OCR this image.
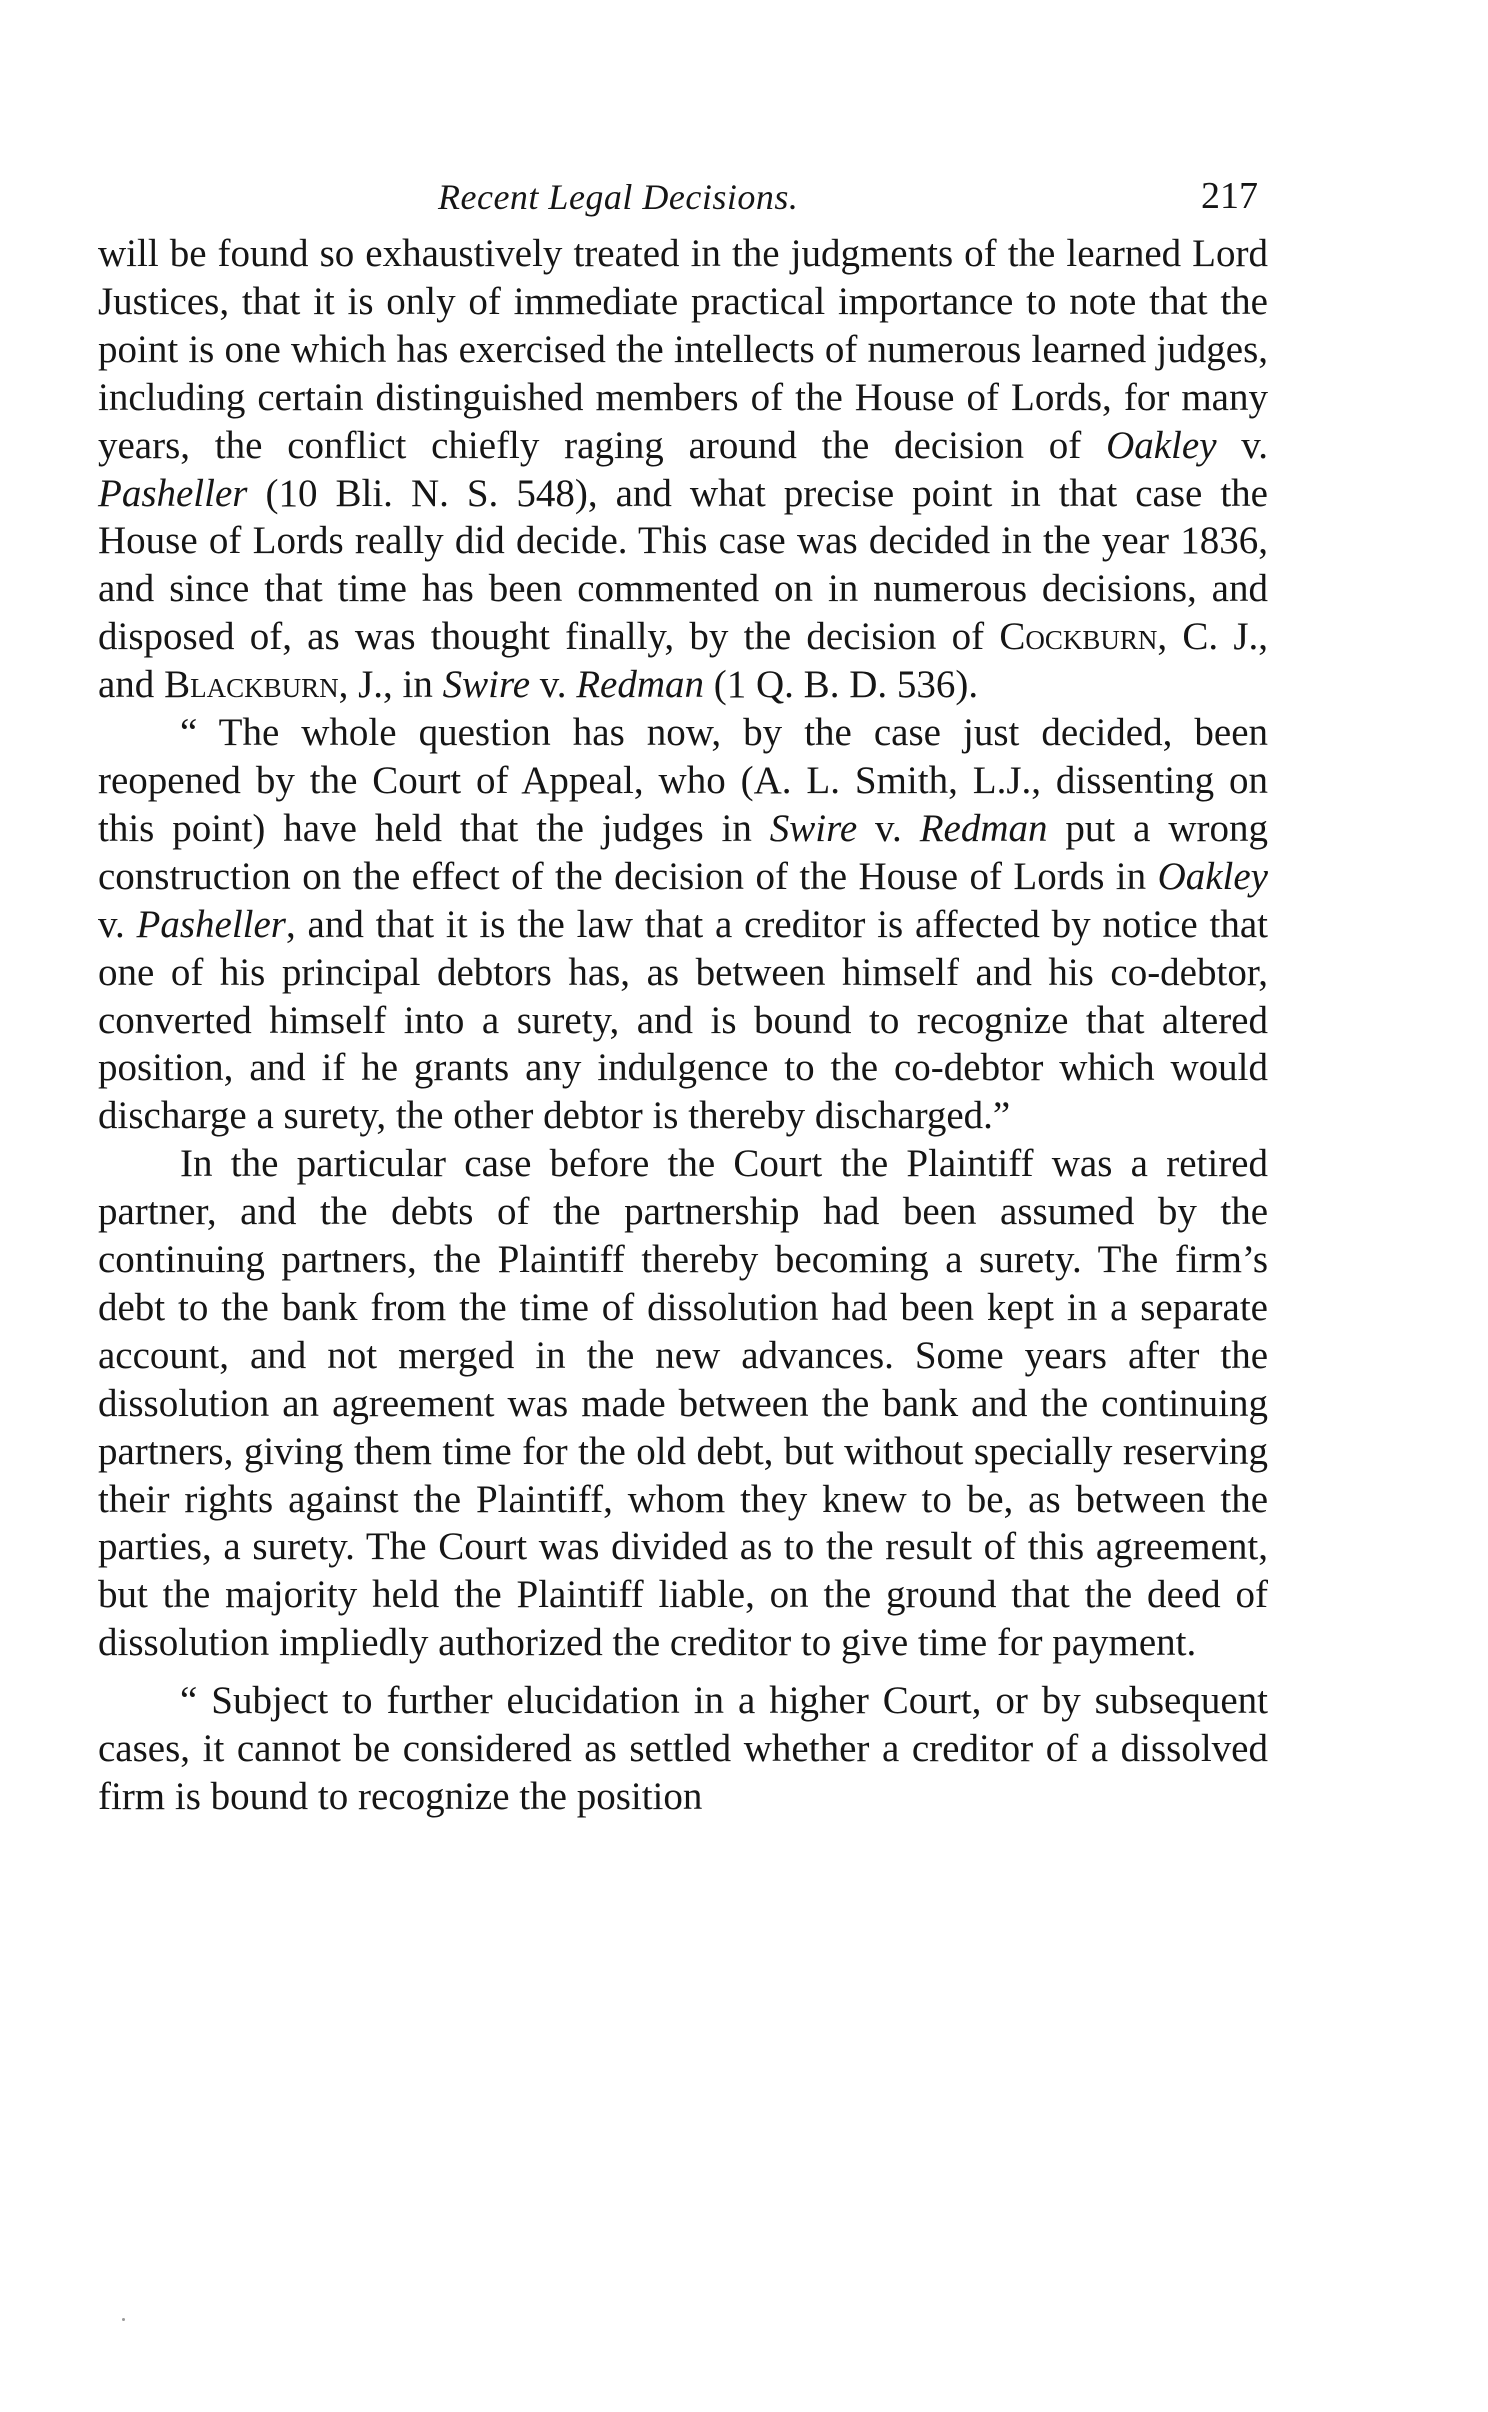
Recent Legal Decisions.	217

will be found so exhaustively treated in the judgments of the learned Lord Justices, that it is only of immediate practical importance to note that the point is one which has exercised the intellects of numerous learned judges, including certain distinguished members of the House of Lords, for many years, the conflict chiefly raging around the decision of Oakley v. Pasheller (10 Bli. N. S. 548), and what precise point in that case the House of Lords really did decide. This case was decided in the year 1836, and since that time has been commented on in numerous decisions, and disposed of, as was thought finally, by the decision of Cockburn, C. J., and Blackburn, J., in Swire v. Redman (1 Q. B. D. 536).

“ The whole question has now, by the case just decided, been reopened by the Court of Appeal, who (A. L. Smith, L.J., dissenting on this point) have held that the judges in Swire v. Redman put a wrong construction on the effect of the decision of the House of Lords in Oakley v. Pasheller, and that it is the law that a creditor is affected by notice that one of his principal debtors has, as between himself and his co-debtor, converted himself into a surety, and is bound to recognize that altered position, and if he grants any indulgence to the co-debtor which would discharge a surety, the other debtor is thereby discharged.”

In the particular case before the Court the Plaintiff was a retired partner, and the debts of the partnership had been assumed by the continuing partners, the Plaintiff thereby becoming a surety. The firm’s debt to the bank from the time of dissolution had been kept in a separate account, and not merged in the new advances. Some years after the dissolution an agreement was made between the bank and the continuing partners, giving them time for the old debt, but without specially reserving their rights against the Plaintiff, whom they knew to be, as between the parties, a surety. The Court was divided as to the result of this agreement, but the majority held the Plaintiff liable, on the ground that the deed of dissolution impliedly authorized the creditor to give time for payment.

“ Subject to further elucidation in a higher Court, or by subsequent cases, it cannot be considered as settled whether a creditor of a dissolved firm is bound to recognize the position
